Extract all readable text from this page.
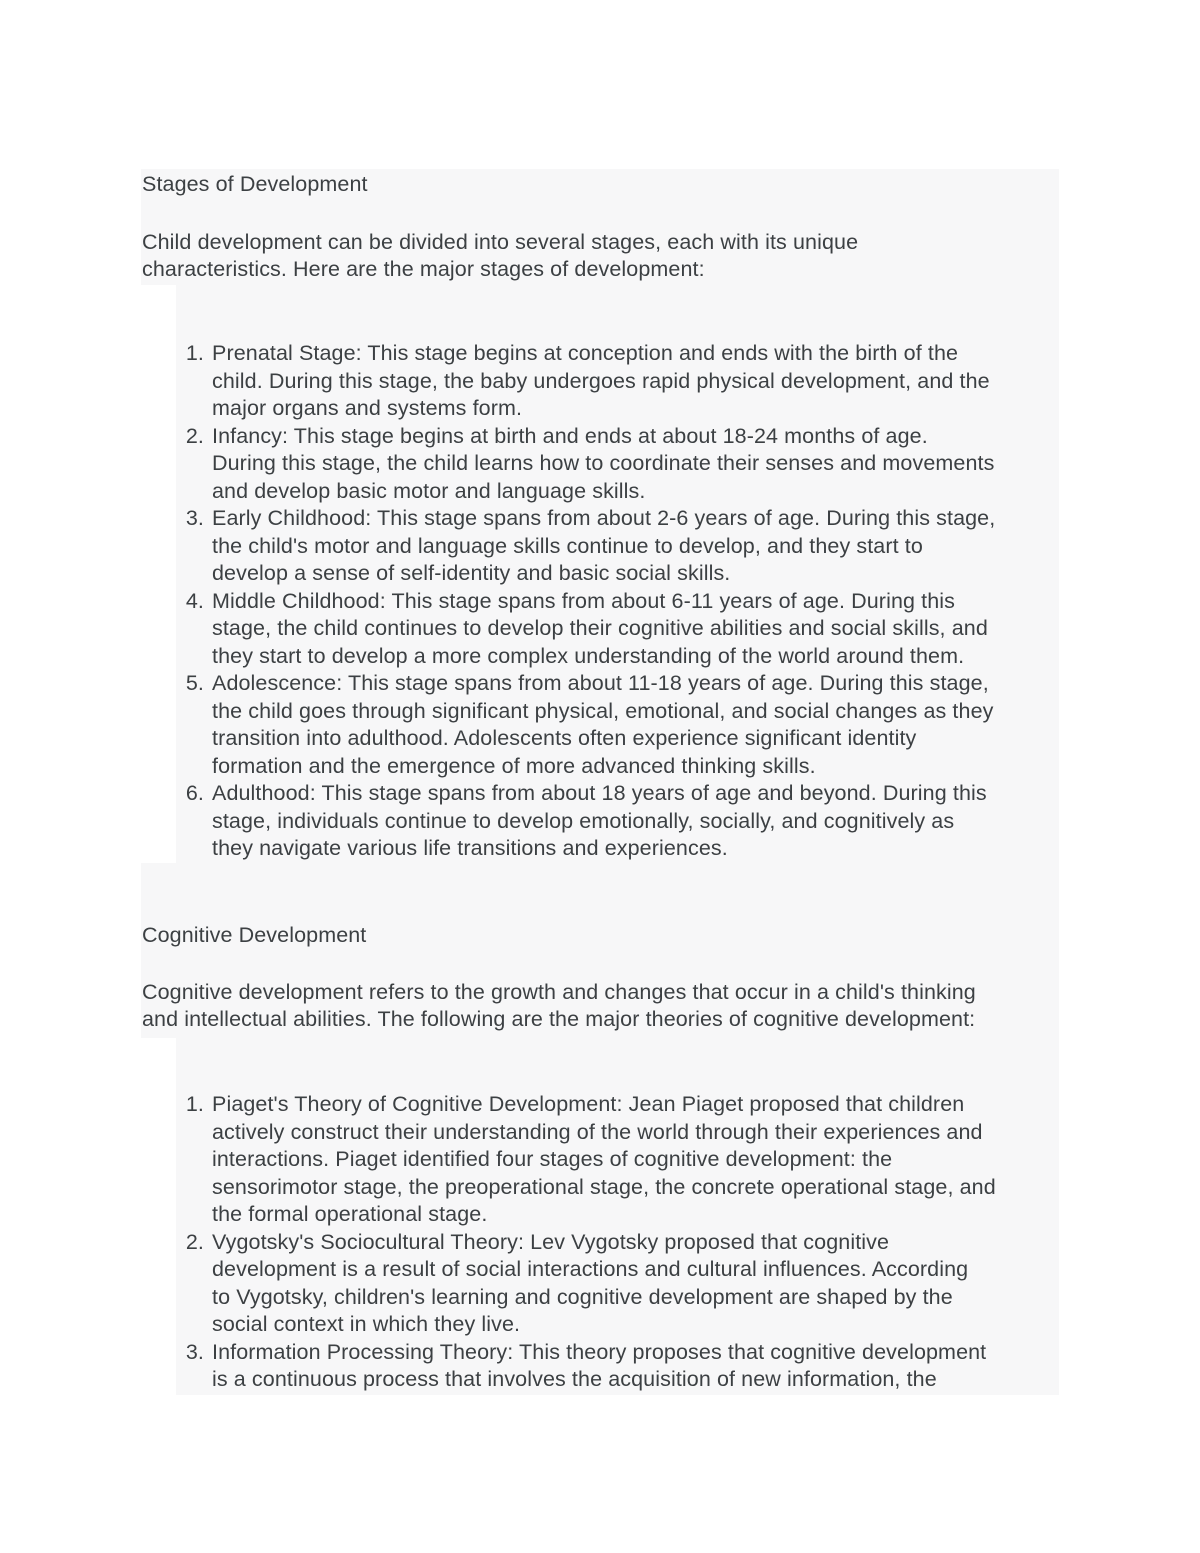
Stages of Development
Child development can be divided into several stages, each with its unique
characteristics. Here are the major stages of development:
1. Prenatal Stage: This stage begins at conception and ends with the birth of the
child. During this stage, the baby undergoes rapid physical development, and the
major organs and systems form.
2. Infancy: This stage begins at birth and ends at about 18-24 months of age.
During this stage, the child learns how to coordinate their senses and movements
and develop basic motor and language skills.
3. Early Childhood: This stage spans from about 2-6 years of age. During this stage,
the child's motor and language skills continue to develop, and they start to
develop a sense of self-identity and basic social skills.
4. Middle Childhood: This stage spans from about 6-11 years of age. During this
stage, the child continues to develop their cognitive abilities and social skills, and
they start to develop a more complex understanding of the world around them.
5. Adolescence: This stage spans from about 11-18 years of age. During this stage,
the child goes through significant physical, emotional, and social changes as they
transition into adulthood. Adolescents often experience significant identity
formation and the emergence of more advanced thinking skills.
6. Adulthood: This stage spans from about 18 years of age and beyond. During this
stage, individuals continue to develop emotionally, socially, and cognitively as
they navigate various life transitions and experiences.
Cognitive Development
Cognitive development refers to the growth and changes that occur in a child's thinking
and intellectual abilities. The following are the major theories of cognitive development:
1. Piaget's Theory of Cognitive Development: Jean Piaget proposed that children
actively construct their understanding of the world through their experiences and
interactions. Piaget identified four stages of cognitive development: the
sensorimotor stage, the preoperational stage, the concrete operational stage, and
the formal operational stage.
2. Vygotsky's Sociocultural Theory: Lev Vygotsky proposed that cognitive
development is a result of social interactions and cultural influences. According
to Vygotsky, children's learning and cognitive development are shaped by the
social context in which they live.
3. Information Processing Theory: This theory proposes that cognitive development
is a continuous process that involves the acquisition of new information, the
